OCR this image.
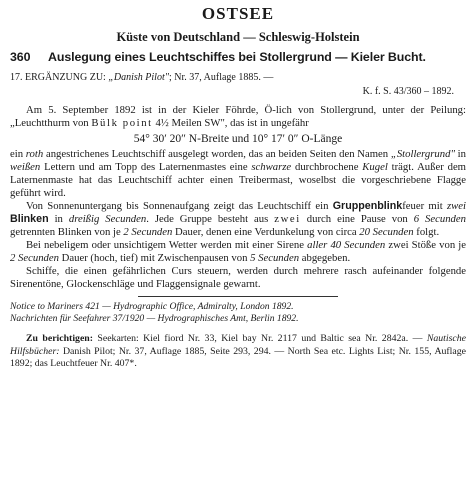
OSTSEE
Küste von Deutschland — Schleswig-Holstein
360 Auslegung eines Leuchtschiffes bei Stollergrund — Kieler Bucht.
17. ERGÄNZUNG ZU: „Danish Pilot"; Nr. 37, Auflage 1885. —
K. f. S. 43/360 – 1892.

Am 5. September 1892 ist in der Kieler Föhrde, Ö-lich von Stollergrund, unter der Peilung: „Leuchtthurm von Bülk point 4½ Meilen SW", das ist in ungefähr

54° 30′ 20″ N-Breite und 10° 17′ 0″ O-Länge

ein roth angestrichenes Leuchtschiff ausgelegt worden, das an beiden Seiten den Namen „Stollergrund" in weißen Lettern und am Topp des Laternenmastes eine schwarze durchbrochene Kugel trägt. Außer dem Laternenmaste hat das Leuchtschiff achter einen Treibermast, woselbst die vorgeschriebene Flagge geführt wird.

Von Sonnenuntergang bis Sonnenaufgang zeigt das Leuchtschiff ein Gruppenblinkfeuer mit zwei Blinken in dreißig Secunden. Jede Gruppe besteht aus zwei durch eine Pause von 6 Secunden getrennten Blinken von je 2 Secunden Dauer, denen eine Verdunkelung von circa 20 Secunden folgt.

Bei nebeligem oder unsichtigem Wetter werden mit einer Sirene aller 40 Secunden zwei Stöße von je 2 Secunden Dauer (hoch, tief) mit Zwischenpausen von 5 Secunden abgegeben.

Schiffe, die einen gefährlichen Curs steuern, werden durch mehrere rasch aufeinander folgende Sirenentöne, Glockenschläge und Flaggensignale gewarnt.

Notice to Mariners 421 — Hydrographic Office, Admiralty, London 1892.
Nachrichten für Seefahrer 37/1920 — Hydrographisches Amt, Berlin 1892.

Zu berichtigen: Seekarten: Kiel fiord Nr. 33, Kiel bay Nr. 2117 und Baltic sea Nr. 2842a. — Nautische Hilfsbücher: Danish Pilot; Nr. 37, Auflage 1885, Seite 293, 294. — North Sea etc. Lights List; Nr. 155, Auflage 1892; das Leuchtfeuer Nr. 407*.
